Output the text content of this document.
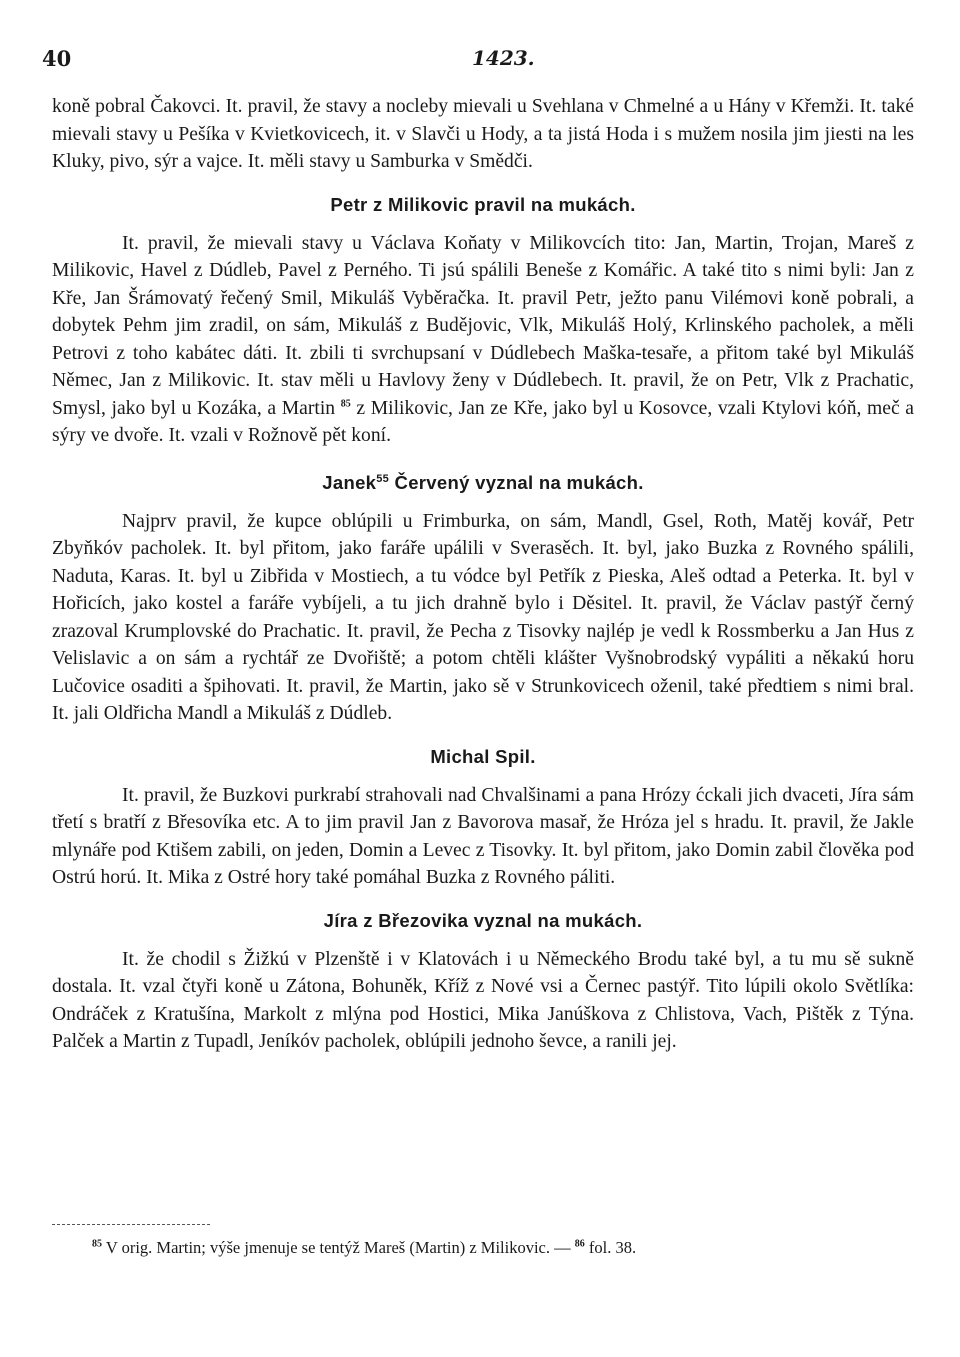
40	1423.

koně pobral Čakovci. It. pravil, že stavy a nocleby mievali u Svehlana v Chmelné a u Hány v Křemži. It. také mievali stavy u Pešíka v Kvietkovicech, it. v Slavči u Hody, a ta jistá Hoda i s mužem nosila jim jiesti na les Kluky, pivo, sýr a vajce. It. měli stavy u Samburka v Smědči.

Petr z Milikovic pravil na mukách.

It. pravil, že mievali stavy u Václava Koňaty v Milikovcích tito: Jan, Martin, Trojan, Mareš z Milikovic, Havel z Dúdleb, Pavel z Perného. Ti jsú spálili Beneše z Komářic. A také tito s nimi byli: Jan z Kře, Jan Šrámovatý řečený Smil, Mikuláš Vyběračka. It. pravil Petr, ježto panu Vilémovi koně pobrali, a dobytek Pehm jim zradil, on sám, Mikuláš z Budějovic, Vlk, Mikuláš Holý, Krlinského pacholek, a měli Petrovi z toho kabátec dáti. It. zbili ti svrchupsaní v Dúdlebech Maška-tesaře, a přitom také byl Mikuláš Němec, Jan z Milikovic. It. stav měli u Havlovy ženy v Dúdlebech. It. pravil, že on Petr, Vlk z Prachatic, Smysl, jako byl u Kozáka, a Martin $^{85}$ z Milikovic, Jan ze Kře, jako byl u Kosovce, vzali Ktylovi kóň, meč a sýry ve dvoře. It. vzali v Rožnově pět koní.

Janek$^{55}$ Červený vyznal na mukách.

Najprv pravil, že kupce oblúpili u Frimburka, on sám, Mandl, Gsel, Roth, Matěj kovář, Petr Zbyňkóv pacholek. It. byl přitom, jako faráře upálili v Sverasěch. It. byl, jako Buzka z Rovného spálili, Naduta, Karas. It. byl u Zibřida v Mostiech, a tu vódce byl Petřík z Pieska, Aleš odtad a Peterka. It. byl v Hořicích, jako kostel a faráře vybíjeli, a tu jich drahně bylo i Děsitel. It. pravil, že Václav pastýř černý zrazoval Krumplovské do Prachatic. It. pravil, že Pecha z Tisovky najlép je vedl k Rossmberku a Jan Hus z Velislavic a on sám a rychtář ze Dvořiště; a potom chtěli klášter Vyšnobrodský vypáliti a někakú horu Lučovice osaditi a špihovati. It. pravil, že Martin, jako sě v Strunkovicech oženil, také předtiem s nimi bral. It. jali Oldřicha Mandl a Mikuláš z Dúdleb.

Michal Spil.

It. pravil, že Buzkovi purkrabí strahovali nad Chvalšinami a pana Hrózy ćckali jich dvaceti, Jíra sám třetí s bratří z Břesovíka etc. A to jim pravil Jan z Bavorova masař, že Hróza jel s hradu. It. pravil, že Jakle mlynáře pod Ktišem zabili, on jeden, Domin a Levec z Tisovky. It. byl přitom, jako Domin zabil člověka pod Ostrú horú. It. Mika z Ostré hory také pomáhal Buzka z Rovného páliti.

Jíra z Březovika vyznal na mukách.

It. že chodil s Žižkú v Plzenště i v Klatovách i u Německého Brodu také byl, a tu mu sě sukně dostala. It. vzal čtyři koně u Zátona, Bohuněk, Kříž z Nové vsi a Černec pastýř. Tito lúpili okolo Světlíka: Ondráček z Kratušína, Markolt z mlýna pod Hostici, Mika Janúškova z Chlistova, Vach, Pištěk z Týna. Palček a Martin z Tupadl, Jeníkóv pacholek, oblúpili jednoho ševce, a ranili jej.

$^{85}$ V orig. Martin; výše jmenuje se tentýž Mareš (Martin) z Milikovic. — $^{86}$ fol. 38.
